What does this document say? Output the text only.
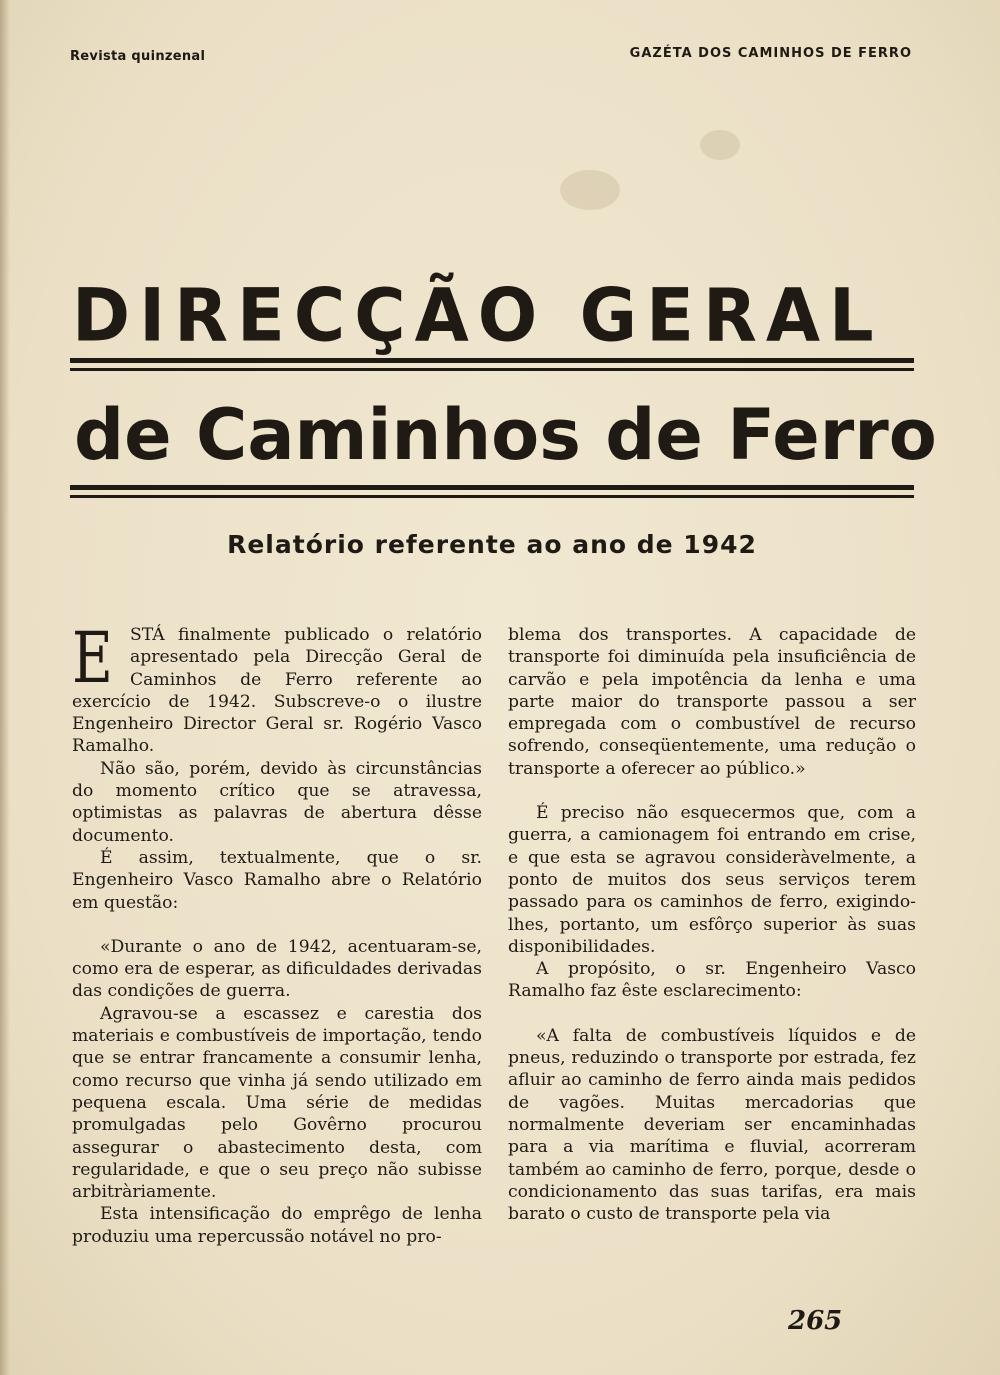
Revista quinzenal	GAZÉTA DOS CAMINHOS DE FERRO
DIRECÇÃO GERAL
de Caminhos de Ferro
Relatório referente ao ano de 1942
E STÁ finalmente publicado o relatório apresentado pela Direcção Geral de Caminhos de Ferro referente ao exercício de 1942. Subscreve-o o ilustre Engenheiro Director Geral sr. Rogério Vasco Ramalho.

Não são, porém, devido às circunstâncias do momento crítico que se atravessa, optimistas as palavras de abertura dêsse documento.

É assim, textualmente, que o sr. Engenheiro Vasco Ramalho abre o Relatório em questão:

«Durante o ano de 1942, acentuaram-se, como era de esperar, as dificuldades derivadas das condições de guerra.

Agravou-se a escassez e carestia dos materiais e combustíveis de importação, tendo que se entrar francamente a consumir lenha, como recurso que vinha já sendo utilizado em pequena escala. Uma série de medidas promulgadas pelo Govêrno procurou assegurar o abastecimento desta, com regularidade, e que o seu preço não subisse arbitràriamente.

Esta intensificação do emprêgo de lenha produziu uma repercussão notável no pro-

blema dos transportes. A capacidade de transporte foi diminuída pela insuficiência de carvão e pela impotência da lenha e uma parte maior do transporte passou a ser empregada com o combustível de recurso sofrendo, conseqüentemente, uma redução o transporte a oferecer ao público.»

É preciso não esquecermos que, com a guerra, a camionagem foi entrando em crise, e que esta se agravou consideràvelmente, a ponto de muitos dos seus serviços terem passado para os caminhos de ferro, exigindo-lhes, portanto, um esfôrço superior às suas disponibilidades.

A propósito, o sr. Engenheiro Vasco Ramalho faz êste esclarecimento:

«A falta de combustíveis líquidos e de pneus, reduzindo o transporte por estrada, fez afluir ao caminho de ferro ainda mais pedidos de vagões. Muitas mercadorias que normalmente deveriam ser encaminhadas para a via marítima e fluvial, acorreram também ao caminho de ferro, porque, desde o condicionamento das suas tarifas, era mais barato o custo de transporte pela via

265
